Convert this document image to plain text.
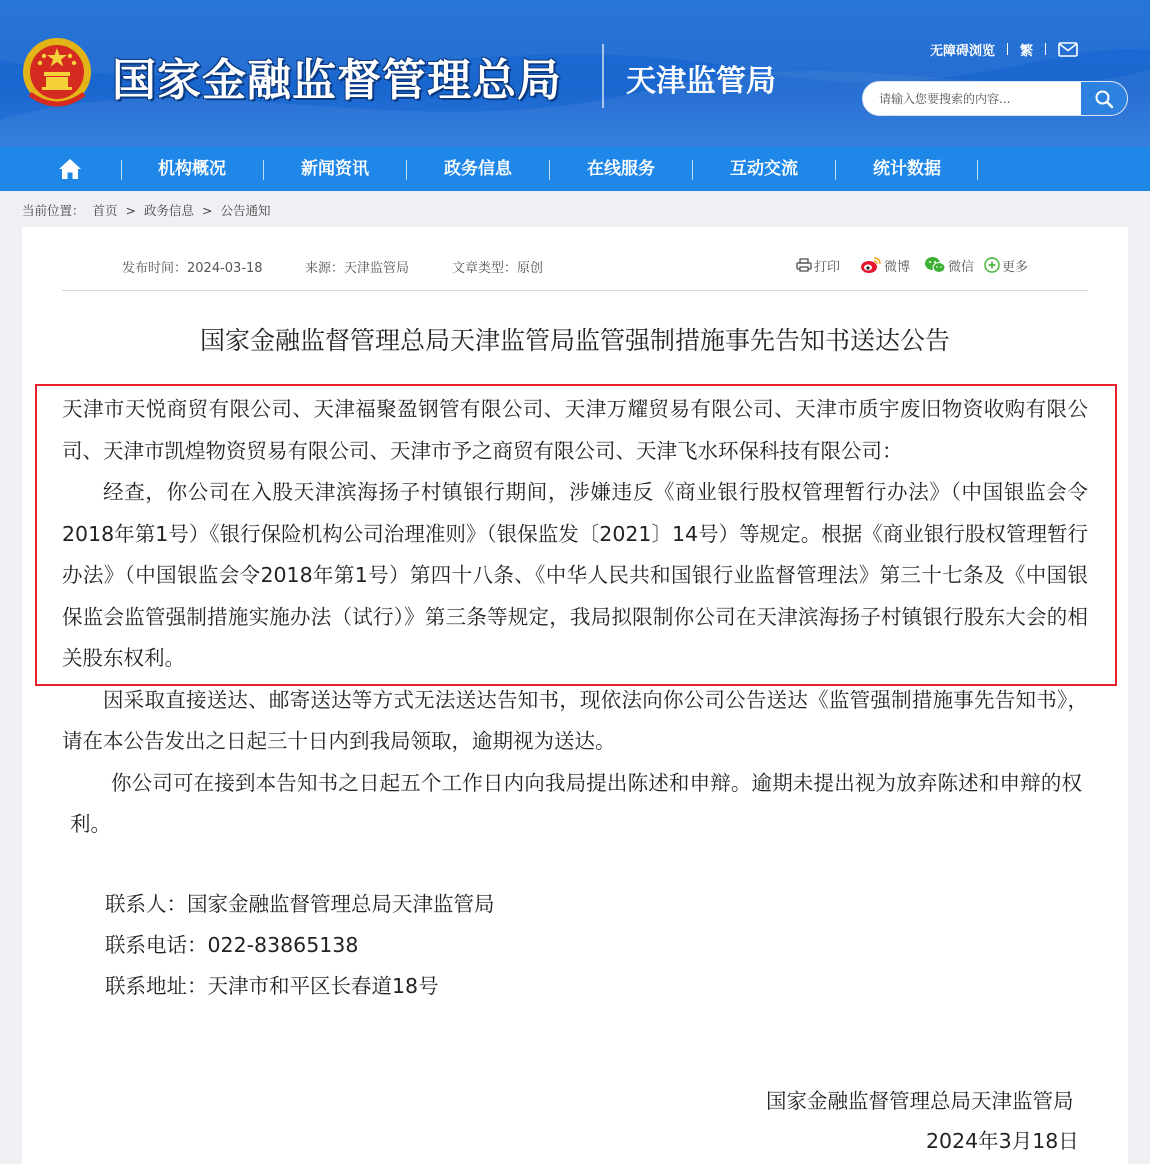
国家金融监督管理总局 天津监管局
无障碍浏览 繁
请输入您要搜索的内容...
机构概况	新闻资讯	政务信息	在线服务	互动交流	统计数据
当前位置： 首页 > 政务信息 > 公告通知
发布时间：2024-03-18	来源：天津监管局	文章类型：原创	打印	微博	微信 更多
国家金融监督管理总局天津监管局监管强制措施事先告知书送达公告
天津市天悦商贸有限公司、天津福聚盈钢管有限公司、天津万耀贸易有限公司、天津市质宇废旧物资收购有限公司、天津市凯煌物资贸易有限公司、天津市予之商贸有限公司、天津飞水环保科技有限公司：
经查，你公司在入股天津滨海扬子村镇银行期间，涉嫌违反《商业银行股权管理暂行办法》（中国银监会令2018年第1号）《银行保险机构公司治理准则》（银保监发〔2021〕14号）等规定。根据《商业银行股权管理暂行办法》（中国银监会令2018年第1号）第四十八条、《中华人民共和国银行业监督管理法》第三十七条及《中国银保监会监管强制措施实施办法（试行）》第三条等规定，我局拟限制你公司在天津滨海扬子村镇银行股东大会的相关股东权利。
因采取直接送达、邮寄送达等方式无法送达告知书，现依法向你公司公告送达《监管强制措施事先告知书》，请在本公告发出之日起三十日内到我局领取，逾期视为送达。
你公司可在接到本告知书之日起五个工作日内向我局提出陈述和申辩。逾期未提出视为放弃陈述和申辩的权利。
联系人：国家金融监督管理总局天津监管局
联系电话：022-83865138
联系地址：天津市和平区长春道18号
国家金融监督管理总局天津监管局
2024年3月18日
